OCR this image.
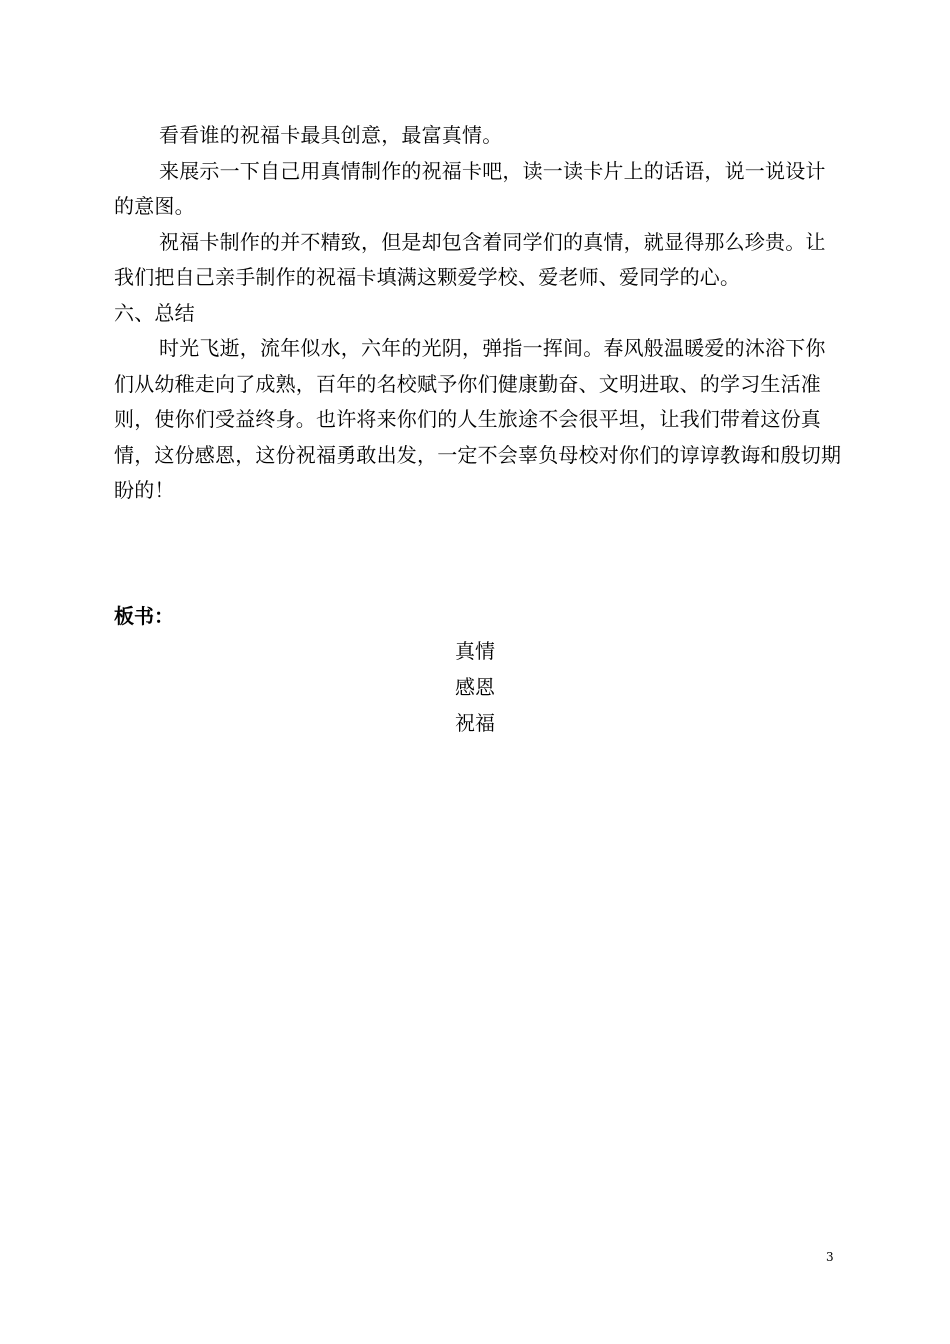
看看谁的祝福卡最具创意，最富真情。

来展示一下自己用真情制作的祝福卡吧，读一读卡片上的话语，说一说设计的意图。

祝福卡制作的并不精致，但是却包含着同学们的真情，就显得那么珍贵。让我们把自己亲手制作的祝福卡填满这颗爱学校、爱老师、爱同学的心。

六、总结

时光飞逝，流年似水，六年的光阴，弹指一挥间。春风般温暖爱的沐浴下你们从幼稚走向了成熟，百年的名校赋予你们健康勤奋、文明进取、的学习生活准则，使你们受益终身。也许将来你们的人生旅途不会很平坦，让我们带着这份真情，这份感恩，这份祝福勇敢出发，一定不会辜负母校对你们的谆谆教诲和殷切期盼的！

板书：
真情
感恩
祝福
3
